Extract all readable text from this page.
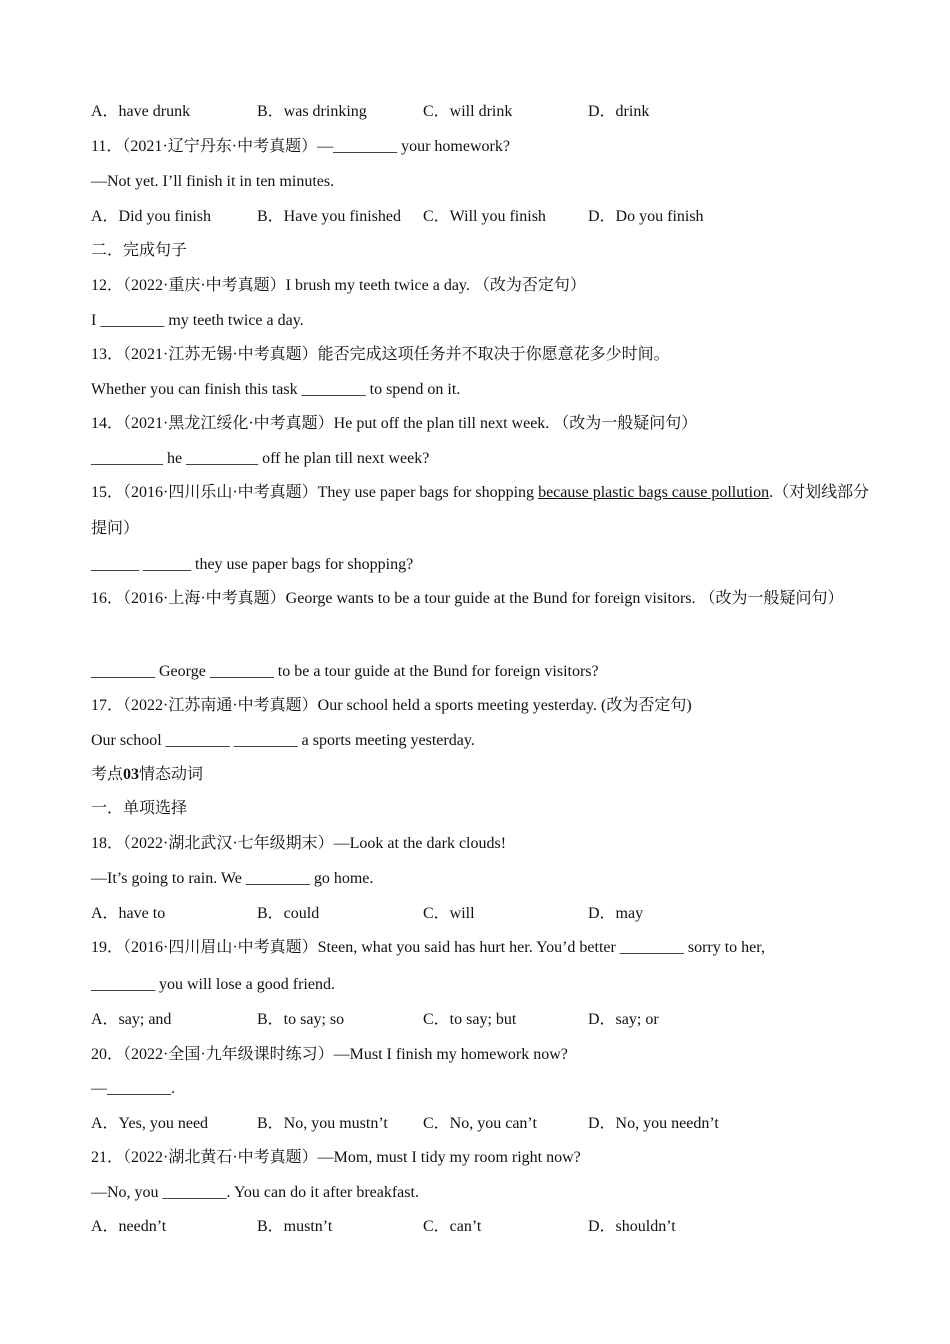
A．have drunk	B．was drinking	C．will drink	D．drink
11．（2021·辽宁丹东·中考真题）—________ your homework?
—Not yet. I’ll finish it in ten minutes.
A．Did you finish	B．Have you finished C．Will you finish	D．Do you finish
二．完成句子
12．（2022·重庆·中考真题）I brush my teeth twice a day. （改为否定句）
I ________ my teeth twice a day.
13．（2021·江苏无锡·中考真题）能否完成这项任务并不取决于你愿意花多少时间。
Whether you can finish this task ________ to spend on it.
14．（2021·黑龙江绥化·中考真题）He put off the plan till next week. （改为一般疑问句）
_________ he _________ off he plan till next week?
15．（2016·四川乐山·中考真题）They use paper bags for shopping because plastic bags cause pollution.（对划线部分提问）
______ ______ they use paper bags for shopping?
16．（2016·上海·中考真题）George wants to be a tour guide at the Bund for foreign visitors. （改为一般疑问句）
________ George ________ to be a tour guide at the Bund for foreign visitors?
17．（2022·江苏南通·中考真题）Our school held a sports meeting yesterday. (改为否定句)
Our school ________ ________ a sports meeting yesterday.
考点03情态动词
一．单项选择
18．（2022·湖北武汉·七年级期末）—Look at the dark clouds!
—It’s going to rain. We ________ go home.
A．have to	B．could	C．will	D．may
19．（2016·四川眉山·中考真题）Steen, what you said has hurt her. You’d better ________ sorry to her,
________ you will lose a good friend.
A．say; and	B．to say; so	C．to say; but	D．say; or
20．（2022·全国·九年级课时练习）—Must I finish my homework now?
—________.
A．Yes, you need	B．No, you mustn’t C．No, you can’t	D．No, you needn’t
21．（2022·湖北黄石·中考真题）—Mom, must I tidy my room right now?
—No, you ________. You can do it after breakfast.
A．needn’t	B．mustn’t	C．can’t	D．shouldn’t
